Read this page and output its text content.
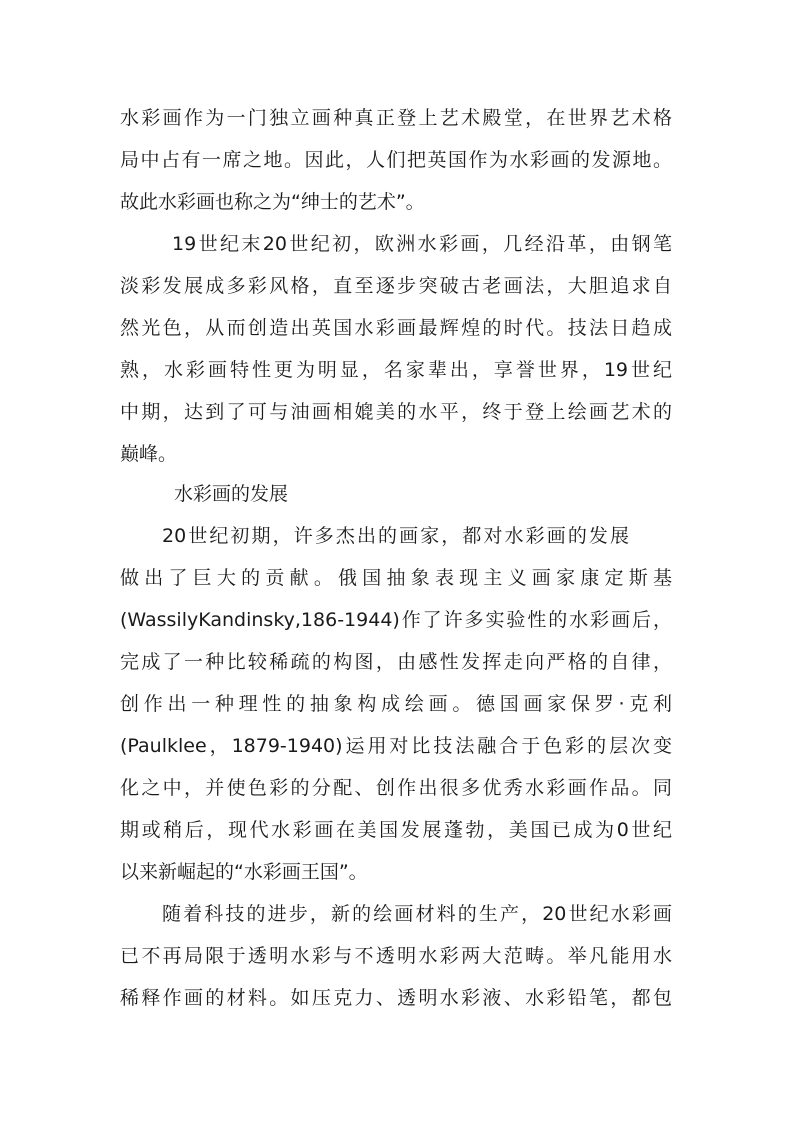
水彩画作为一门独立画种真正登上艺术殿堂，在世界艺术格

局中占有一席之地。因此，人们把英国作为水彩画的发源地。

故此水彩画也称之为“绅士的艺术”。

19世纪末20世纪初，欧洲水彩画，几经沿革，由钢笔

淡彩发展成多彩风格，直至逐步突破古老画法，大胆追求自

然光色，从而创造出英国水彩画最辉煌的时代。技法日趋成

熟，水彩画特性更为明显，名家辈出，享誉世界，19世纪

中期，达到了可与油画相媲美的水平，终于登上绘画艺术的

巅峰。

水彩画的发展

20世纪初期，许多杰出的画家，都对水彩画的发展

做出了巨大的贡献。俄国抽象表现主义画家康定斯基

(WassilyKandinsky,186-1944)作了许多实验性的水彩画后，

完成了一种比较稀疏的构图，由感性发挥走向严格的自律，

创作出一种理性的抽象构成绘画。德国画家保罗·克利

(Paulklee，1879-1940)运用对比技法融合于色彩的层次变

化之中，并使色彩的分配、创作出很多优秀水彩画作品。同

期或稍后，现代水彩画在美国发展蓬勃，美国已成为0世纪

以来新崛起的“水彩画王国”。

随着科技的进步，新的绘画材料的生产，20世纪水彩画

已不再局限于透明水彩与不透明水彩两大范畴。举凡能用水

稀释作画的材料。如压克力、透明水彩液、水彩铅笔，都包
